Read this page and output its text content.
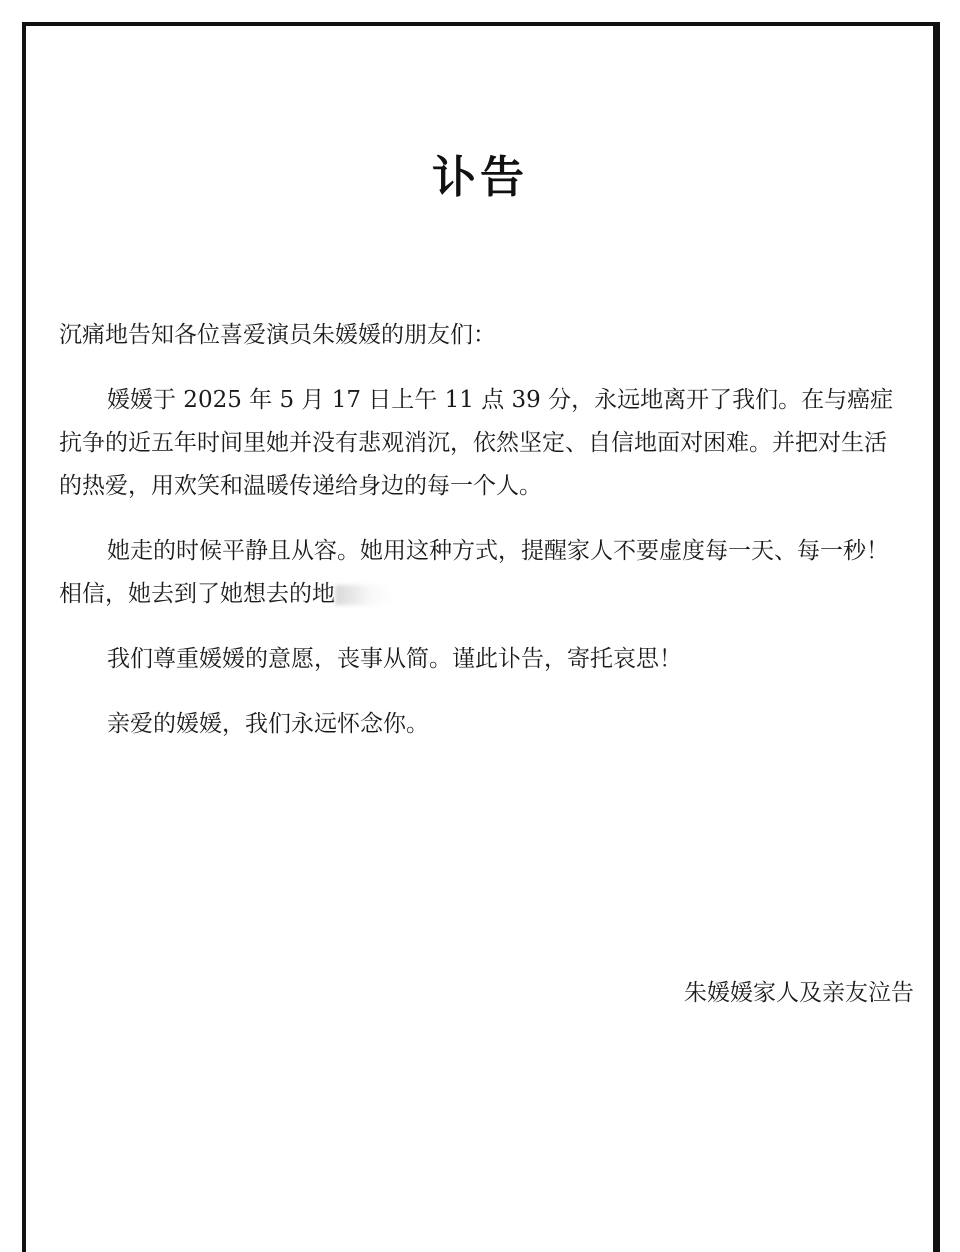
讣告

沉痛地告知各位喜爱演员朱媛媛的朋友们：

媛媛于 2025 年 5 月 17 日上午 11 点 39 分，永远地离开了我们。在与癌症抗争的近五年时间里她并没有悲观消沉，依然坚定、自信地面对困难。并把对生活的热爱，用欢笑和温暖传递给身边的每一个人。

她走的时候平静且从容。她用这种方式，提醒家人不要虚度每一天、每一秒！相信，她去到了她想去的地

我们尊重媛媛的意愿，丧事从简。谨此讣告，寄托哀思！

亲爱的媛媛，我们永远怀念你。

朱媛媛家人及亲友泣告
